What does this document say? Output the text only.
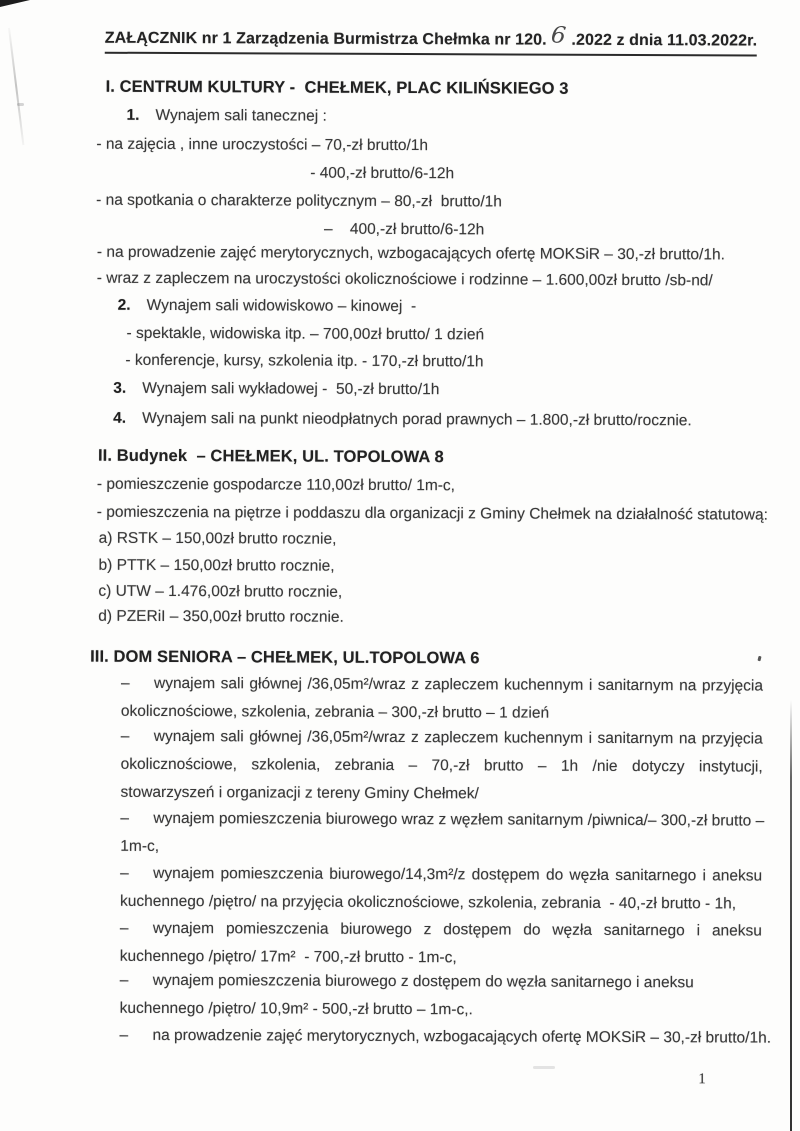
ZAŁĄCZNIK nr 1 Zarządzenia Burmistrza Chełmka nr 120. 6 .2022 z dnia 11.03.2022r.
I. CENTRUM KULTURY -  CHEŁMEK, PLAC KILIŃSKIEGO 3
1. Wynajem sali tanecznej :
- na zajęcia , inne uroczystości – 70,-zł brutto/1h
- 400,-zł brutto/6-12h
- na spotkania o charakterze politycznym – 80,-zł  brutto/1h
–    400,-zł brutto/6-12h
- na prowadzenie zajęć merytorycznych, wzbogacających ofertę MOKSiR – 30,-zł brutto/1h.
- wraz z zapleczem na uroczystości okolicznościowe i rodzinne – 1.600,00zł brutto /sb-nd/
2. Wynajem sali widowiskowo – kinowej  -
- spektakle, widowiska itp. – 700,00zł brutto/ 1 dzień
- konferencje, kursy, szkolenia itp. - 170,-zł brutto/1h
3. Wynajem sali wykładowej -  50,-zł brutto/1h
4. Wynajem sali na punkt nieodpłatnych porad prawnych – 1.800,-zł brutto/rocznie.
II. Budynek  – CHEŁMEK, UL. TOPOLOWA 8
- pomieszczenie gospodarcze 110,00zł brutto/ 1m-c,
- pomieszczenia na piętrze i poddaszu dla organizacji z Gminy Chełmek na działalność statutową:
a) RSTK – 150,00zł brutto rocznie,
b) PTTK – 150,00zł brutto rocznie,
c) UTW – 1.476,00zł brutto rocznie,
d) PZERiI – 350,00zł brutto rocznie.
III. DOM SENIORA – CHEŁMEK, UL.TOPOLOWA 6
– wynajem sali głównej /36,05m²/wraz z zapleczem kuchennym i sanitarnym na przyjęcia
okolicznościowe, szkolenia, zebrania – 300,-zł brutto – 1 dzień
– wynajem sali głównej /36,05m²/wraz z zapleczem kuchennym i sanitarnym na przyjęcia
okolicznościowe, szkolenia, zebrania – 70,-zł brutto – 1h /nie dotyczy instytucji,
stowarzyszeń i organizacji z tereny Gminy Chełmek/
– wynajem pomieszczenia biurowego wraz z węzłem sanitarnym /piwnica/– 300,-zł brutto –
1m-c,
– wynajem pomieszczenia biurowego/14,3m²/z dostępem do węzła sanitarnego i aneksu
kuchennego /piętro/ na przyjęcia okolicznościowe, szkolenia, zebrania  - 40,-zł brutto - 1h,
– wynajem pomieszczenia biurowego z dostępem do węzła sanitarnego i aneksu
kuchennego /piętro/ 17m²  - 700,-zł brutto - 1m-c,
– wynajem pomieszczenia biurowego z dostępem do węzła sanitarnego i aneksu
kuchennego /piętro/ 10,9m² - 500,-zł brutto – 1m-c,.
– na prowadzenie zajęć merytorycznych, wzbogacających ofertę MOKSiR – 30,-zł brutto/1h.
1
